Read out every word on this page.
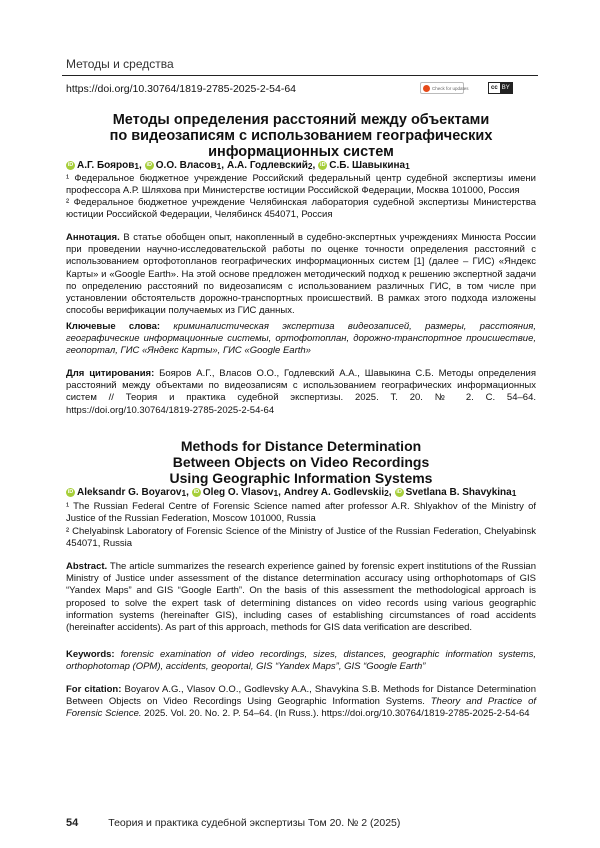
Методы и средства
https://doi.org/10.30764/1819-2785-2025-2-54-64	Check for updates	cc BY
Методы определения расстояний между объектами
по видеозаписям с использованием географических
информационных систем
iD А.Г. Бояров 1 , iD О.О. Власов 1 , А.А. Годлевский 2 , iD С.Б. Шавыкина 1
¹ Федеральное бюджетное учреждение Российский федеральный центр судебной экспертизы имени профессора А.Р. Шляхова при Министерстве юстиции Российской Федерации, Москва 101000, Россия
² Федеральное бюджетное учреждение Челябинская лаборатория судебной экспертизы Министерства юстиции Российской Федерации, Челябинск 454071, Россия
Аннотация. В статье обобщен опыт, накопленный в судебно-экспертных учреждениях Минюста России при проведении научно-исследовательской работы по оценке точности определения расстояний с использованием ортофотопланов географических информационных систем [1] (далее – ГИС) «Яндекс Карты» и «Google Earth». На этой основе предложен методический подход к решению экспертной задачи по определению расстояний по видеозаписям с использованием различных ГИС, в том числе при установлении обстоятельств дорожно-транспортных происшествий. В рамках этого подхода изложены способы верификации получаемых из ГИС данных.
Ключевые слова: криминалистическая экспертиза видеозаписей, размеры, расстояния, географические информационные системы, ортофотоплан, дорожно-транспортное происшествие, геопортал, ГИС «Яндекс Карты», ГИС «Google Earth»
Для цитирования: Бояров А.Г., Власов О.О., Годлевский А.А., Шавыкина С.Б. Методы определения расстояний между объектами по видеозаписям с использованием географических информационных систем // Теория и практика судебной экспертизы. 2025. Т. 20. № 2. С. 54–64. https://doi.org/10.30764/1819-2785-2025-2-54-64
Methods for Distance Determination
Between Objects on Video Recordings
Using Geographic Information Systems
iD Aleksandr G. Boyarov 1 , iD Oleg O. Vlasov 1 , Andrey A. Godlevskii 2 , iD Svetlana B. Shavykina 1
¹ The Russian Federal Centre of Forensic Science named after professor A.R. Shlyakhov of the Ministry of Justice of the Russian Federation, Moscow 101000, Russia
² Chelyabinsk Laboratory of Forensic Science of the Ministry of Justice of the Russian Federation, Chelyabinsk 454071, Russia
Abstract. The article summarizes the research experience gained by forensic expert institutions of the Russian Ministry of Justice under assessment of the distance determination accuracy using orthophotomaps of GIS “Yandex Maps” and GIS “Google Earth”. On the basis of this assessment the methodological approach is proposed to solve the expert task of determining distances on video records using various geographic information systems (hereinafter GIS), including cases of establishing circumstances of road accidents (hereinafter accidents). As part of this approach, methods for GIS data verification are described.
Keywords: forensic examination of video recordings, sizes, distances, geographic information systems, orthophotomap (OPM), accidents, geoportal, GIS “Yandex Maps”, GIS “Google Earth”
For citation: Boyarov A.G., Vlasov O.O., Godlevsky A.A., Shavykina S.B. Methods for Distance Determination Between Objects on Video Recordings Using Geographic Information Systems. Theory and Practice of Forensic Science. 2025. Vol. 20. No. 2. P. 54–64. (In Russ.). https://doi.org/10.30764/1819-2785-2025-2-54-64
54	Теория и практика судебной экспертизы Том 20. № 2 (2025)
